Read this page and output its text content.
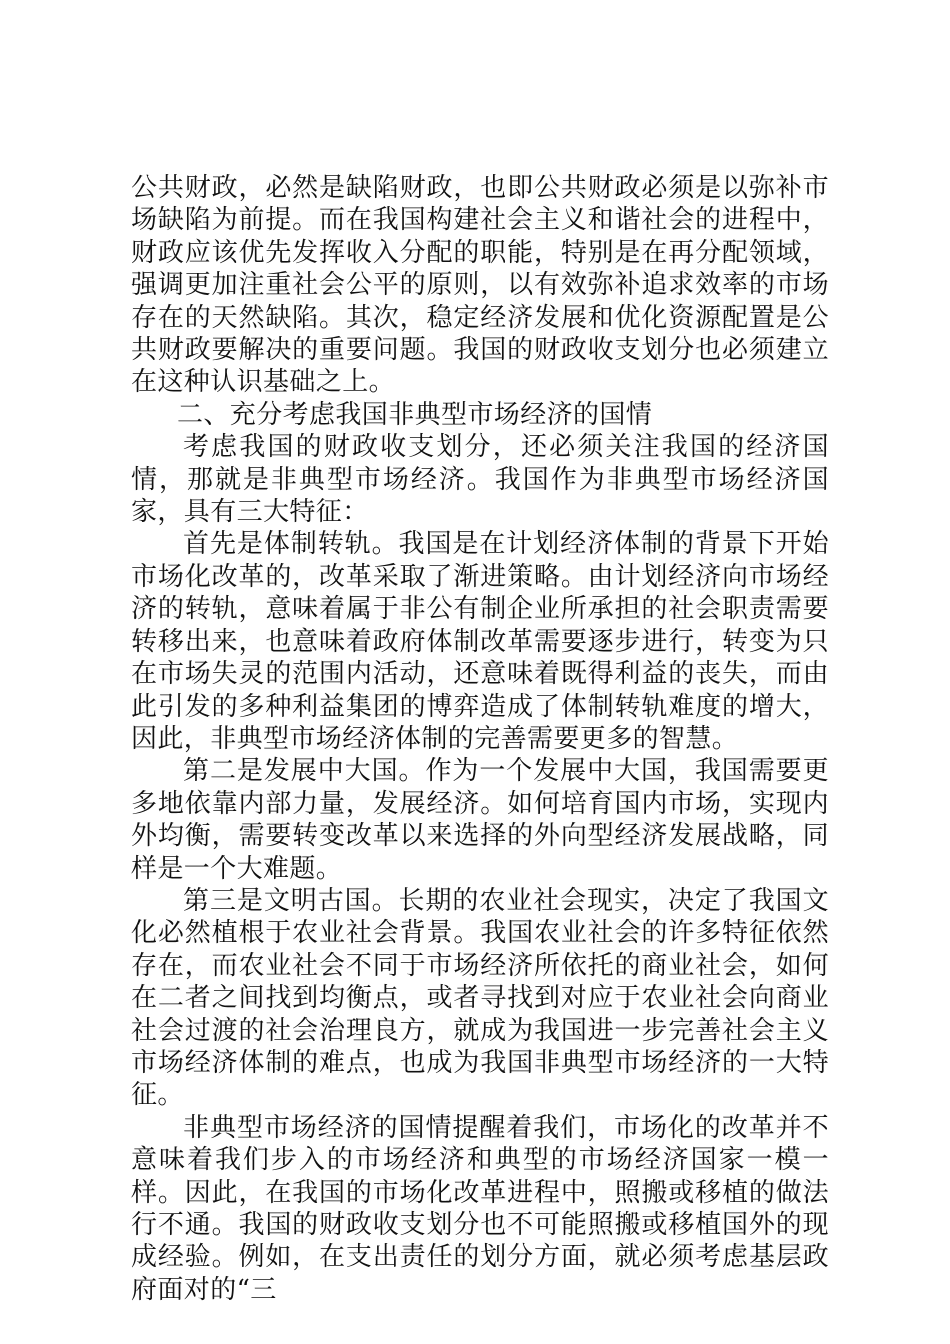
公共财政，必然是缺陷财政，也即公共财政必须是以弥补市场缺陷为前提。而在我国构建社会主义和谐社会的进程中，财政应该优先发挥收入分配的职能，特别是在再分配领域，强调更加注重社会公平的原则，以有效弥补追求效率的市场存在的天然缺陷。其次，稳定经济发展和优化资源配置是公共财政要解决的重要问题。我国的财政收支划分也必须建立在这种认识基础之上。

二、充分考虑我国非典型市场经济的国情

考虑我国的财政收支划分，还必须关注我国的经济国情，那就是非典型市场经济。我国作为非典型市场经济国家，具有三大特征：

首先是体制转轨。我国是在计划经济体制的背景下开始市场化改革的，改革采取了渐进策略。由计划经济向市场经济的转轨，意味着属于非公有制企业所承担的社会职责需要转移出来，也意味着政府体制改革需要逐步进行，转变为只在市场失灵的范围内活动，还意味着既得利益的丧失，而由此引发的多种利益集团的博弈造成了体制转轨难度的增大，因此，非典型市场经济体制的完善需要更多的智慧。

第二是发展中大国。作为一个发展中大国，我国需要更多地依靠内部力量，发展经济。如何培育国内市场，实现内外均衡，需要转变改革以来选择的外向型经济发展战略，同样是一个大难题。

第三是文明古国。长期的农业社会现实，决定了我国文化必然植根于农业社会背景。我国农业社会的许多特征依然存在，而农业社会不同于市场经济所依托的商业社会，如何在二者之间找到均衡点，或者寻找到对应于农业社会向商业社会过渡的社会治理良方，就成为我国进一步完善社会主义市场经济体制的难点，也成为我国非典型市场经济的一大特征。

非典型市场经济的国情提醒着我们，市场化的改革并不意味着我们步入的市场经济和典型的市场经济国家一模一样。因此，在我国的市场化改革进程中，照搬或移植的做法行不通。我国的财政收支划分也不可能照搬或移植国外的现成经验。例如，在支出责任的划分方面，就必须考虑基层政府面对的“三
